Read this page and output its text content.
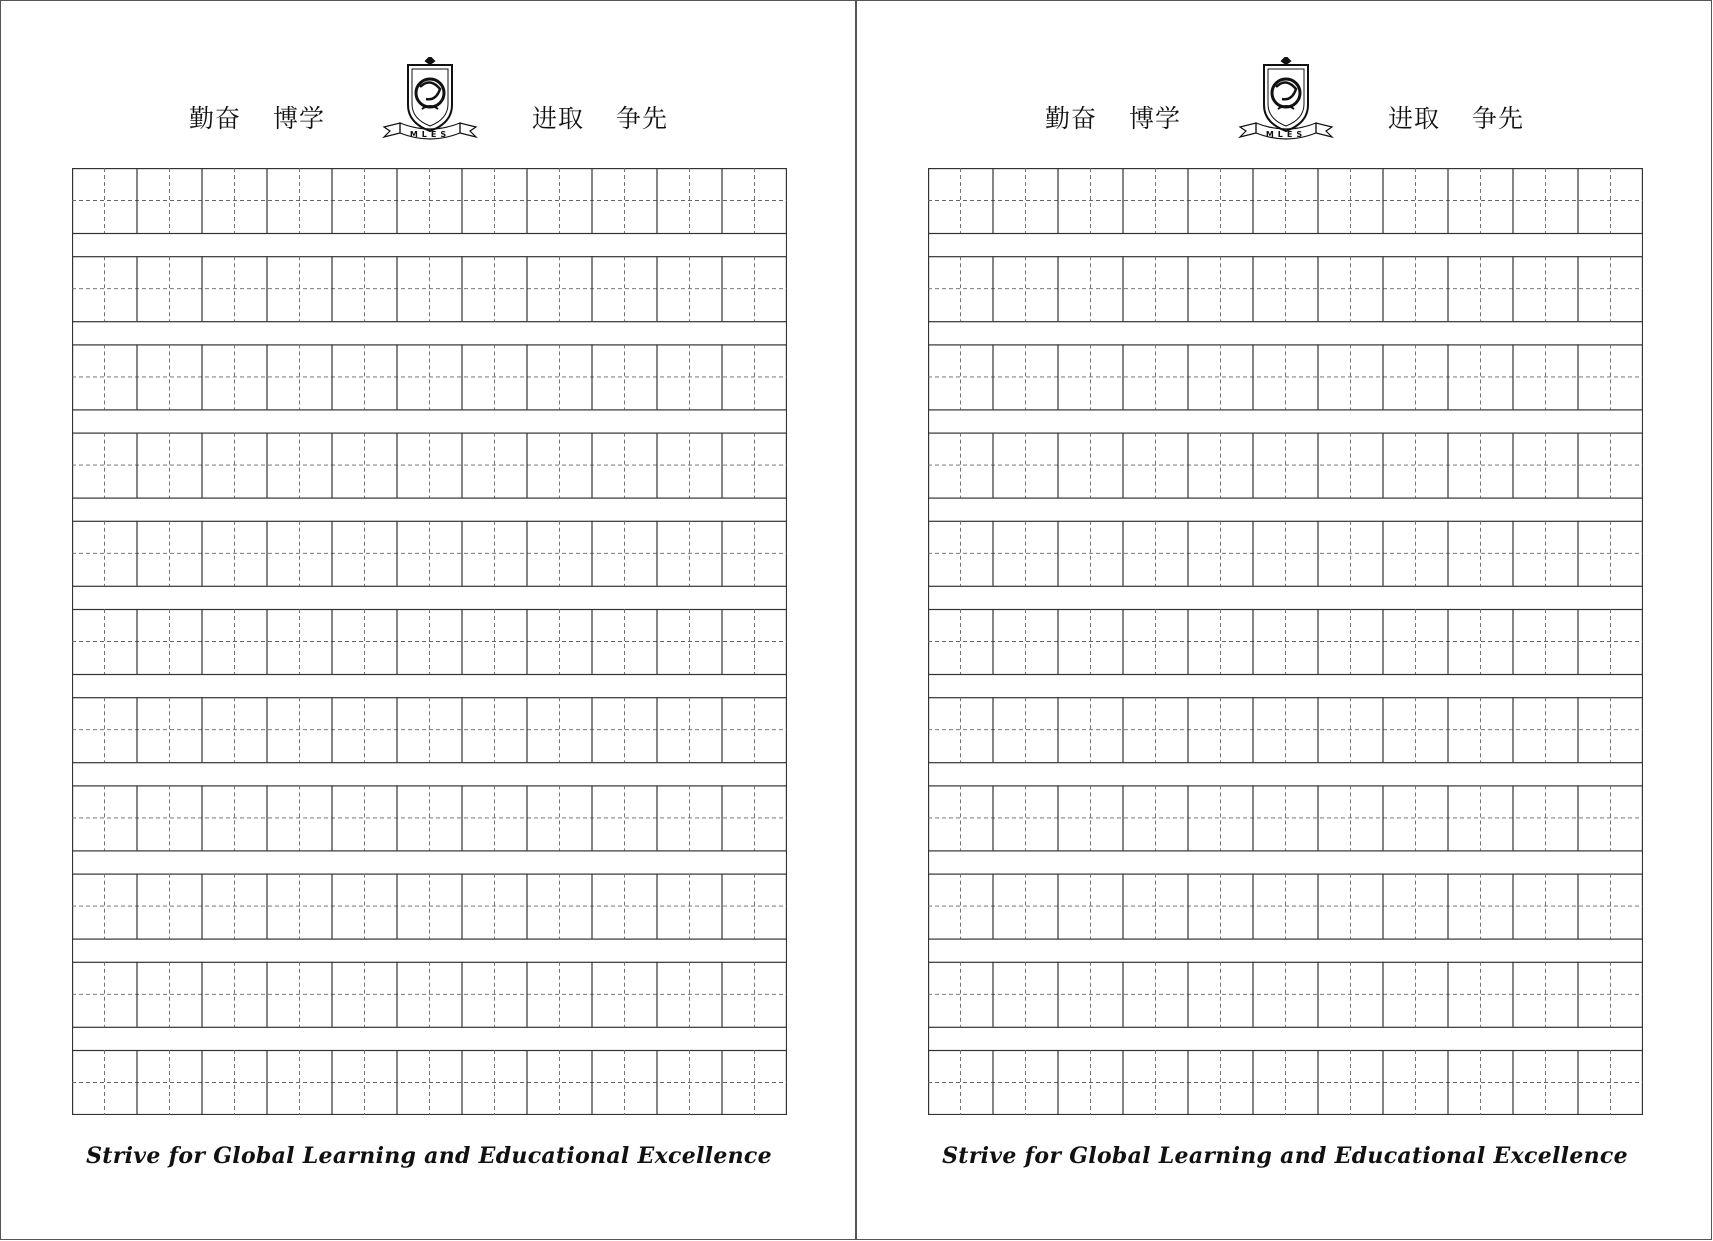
勤奋 博学
MLES
进取 争先
Strive for Global Learning and Educational Excellence
勤奋 博学
MLES
进取 争先
Strive for Global Learning and Educational Excellence
